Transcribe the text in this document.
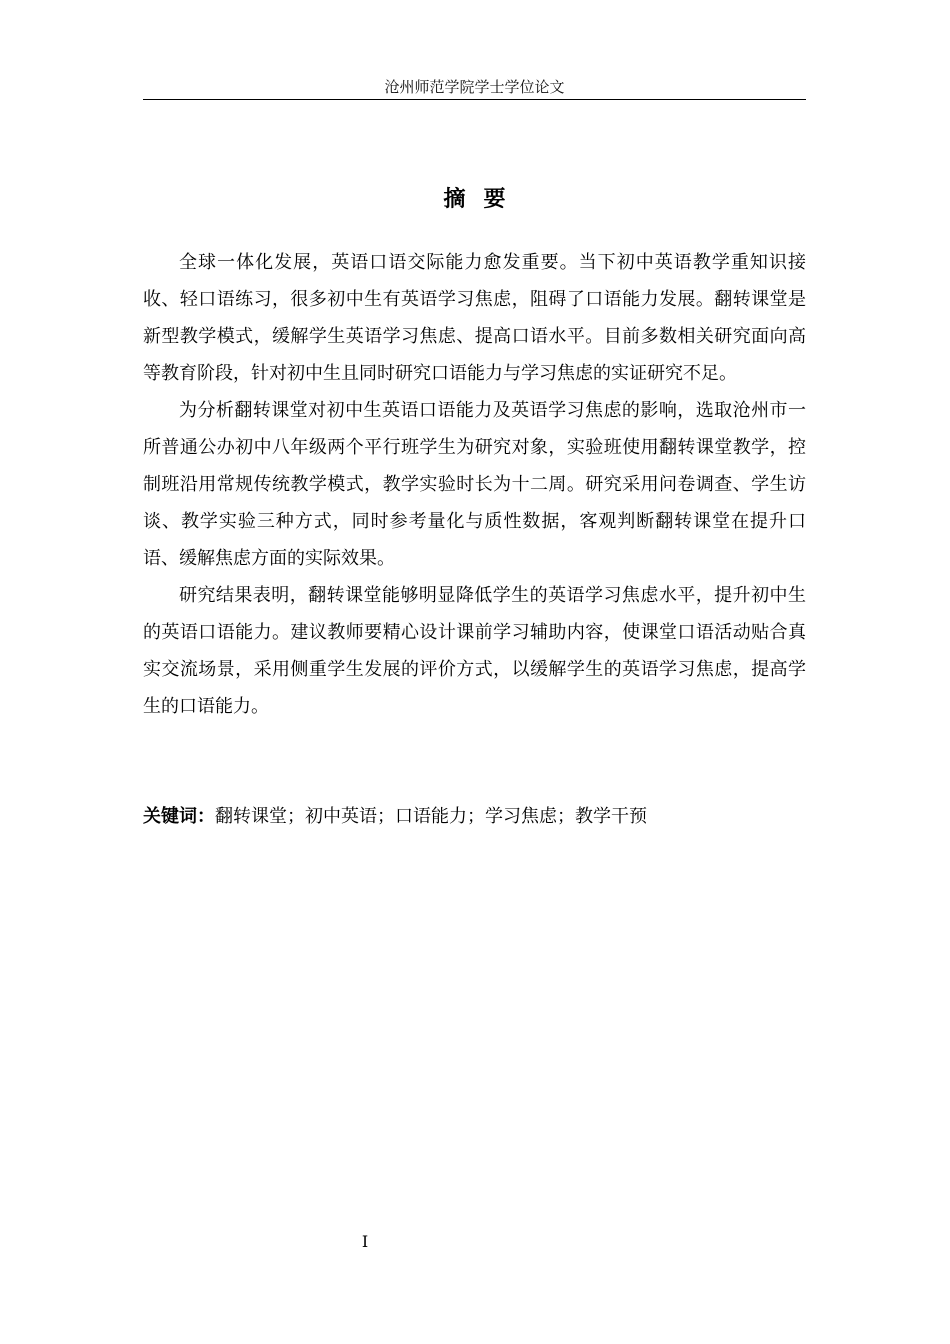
沧州师范学院学士学位论文
摘要

全球一体化发展，英语口语交际能力愈发重要。当下初中英语教学重知识接收、轻口语练习，很多初中生有英语学习焦虑，阻碍了口语能力发展。翻转课堂是新型教学模式，缓解学生英语学习焦虑、提高口语水平。目前多数相关研究面向高等教育阶段，针对初中生且同时研究口语能力与学习焦虑的实证研究不足。

为分析翻转课堂对初中生英语口语能力及英语学习焦虑的影响，选取沧州市一所普通公办初中八年级两个平行班学生为研究对象，实验班使用翻转课堂教学，控制班沿用常规传统教学模式，教学实验时长为十二周。研究采用问卷调查、学生访谈、教学实验三种方式，同时参考量化与质性数据，客观判断翻转课堂在提升口语、缓解焦虑方面的实际效果。

研究结果表明，翻转课堂能够明显降低学生的英语学习焦虑水平，提升初中生的英语口语能力。建议教师要精心设计课前学习辅助内容，使课堂口语活动贴合真实交流场景，采用侧重学生发展的评价方式，以缓解学生的英语学习焦虑，提高学生的口语能力。

关键词：翻转课堂；初中英语；口语能力；学习焦虑；教学干预
I
